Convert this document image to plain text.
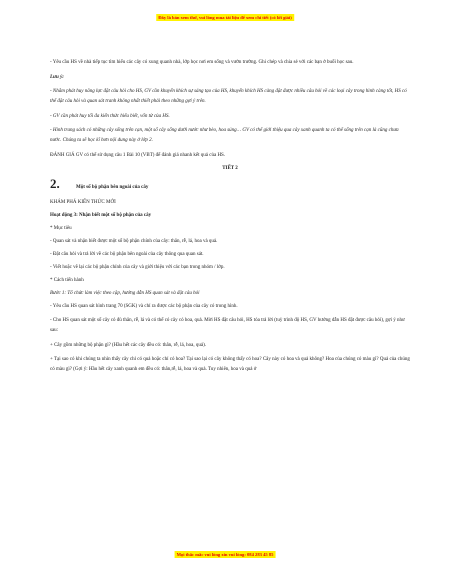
Đây là bản xem thử, vui lòng mua tài liệu để xem chi tiết (có lời giải)

- Yêu cầu HS về nhà tiếp tục tìm hiểu các cây có xung quanh nhà, lớp học nơi em sống và vườn trường. Ghi chép và chia sẻ với các bạn ở buổi học sau.

Lưu ý:

- Nhằm phát huy năng lực đặt câu hỏi cho HS, GV cần khuyến khích sự sáng tạo của HS, khuyến khích HS càng đặt được nhiều câu hỏi về các loại cây trong hình càng tốt, HS có thể đặt câu hỏi và quan sát tranh không nhất thiết phải theo những gợi ý trên.

- GV cần phát huy tối đa kiến thức hiểu biết, vốn từ của HS.

- Hình trang sách có những cây sống trên cạn, một số cây sống dưới nước như bèo, hoa súng… GV có thể giới thiệu qua cây xanh quanh ta có thể sống trên cạn là cũng chưa nước. Chúng ta sẽ học kĩ hơn nội dung này ở lớp 2.

ĐÁNH GIÁ GV có thể sử dụng câu 1 Bài 10 (VBT) để đánh giá nhanh kết quả của HS.

TIẾT 2

2.	Một số bộ phận bên ngoài của cây

KHÁM PHÁ KIẾN THỨC MỚI

Hoạt động 3: Nhận biết một số bộ phận của cây

* Mục tiêu

- Quan sát và nhận biết được một số bộ phận chính của cây: thân, rễ, lá, hoa và quả.

- Đặt câu hỏi và trả lời về các bộ phận bên ngoài của cây thông qua quan sát.

- Viết hoặc vẽ lại các bộ phận chính của cây và giới thiệu với các bạn trong nhóm / lớp.

* Cách tiến hành

Bước 1: Tổ chức làm việc theo cặp, hướng dẫn HS quan sát và đặt câu hỏi

- Yêu cầu HS quan sát hình trang 70 (SGK) và chỉ ra được các bộ phận của cây có trong hình.

- Cho HS quan sát một số cây có đủ thân, rễ, lá và có thể có cây có hoa, quả. Mời HS đặt câu hỏi, HS tóa trả lời (tuỳ trình độ HS, GV hướng dẫn HS đặt được câu hỏi), gợi ý như sau:

+ Cây gồm những bộ phận gì? (Hầu hết các cây đều có: thân, rễ, lá, hoa, quả).

+ Tại sao có khi chúng ta nhìn thấy cây chỉ có quả hoặc chỉ có hoa? Tại sao lại có cây không thấy có hoa? Cây này có hoa và quả không? Hoa của chúng có màu gì? Quả của chúng có màu gì? (Gợi ý: Hầu hết cây xanh quanh em đều có: thân,rễ, lá, hoa và quả. Tuy nhiên, hoa và quả ở

Mọi thắc mắc vui lòng xin vui lòng: 084 283 45 85
